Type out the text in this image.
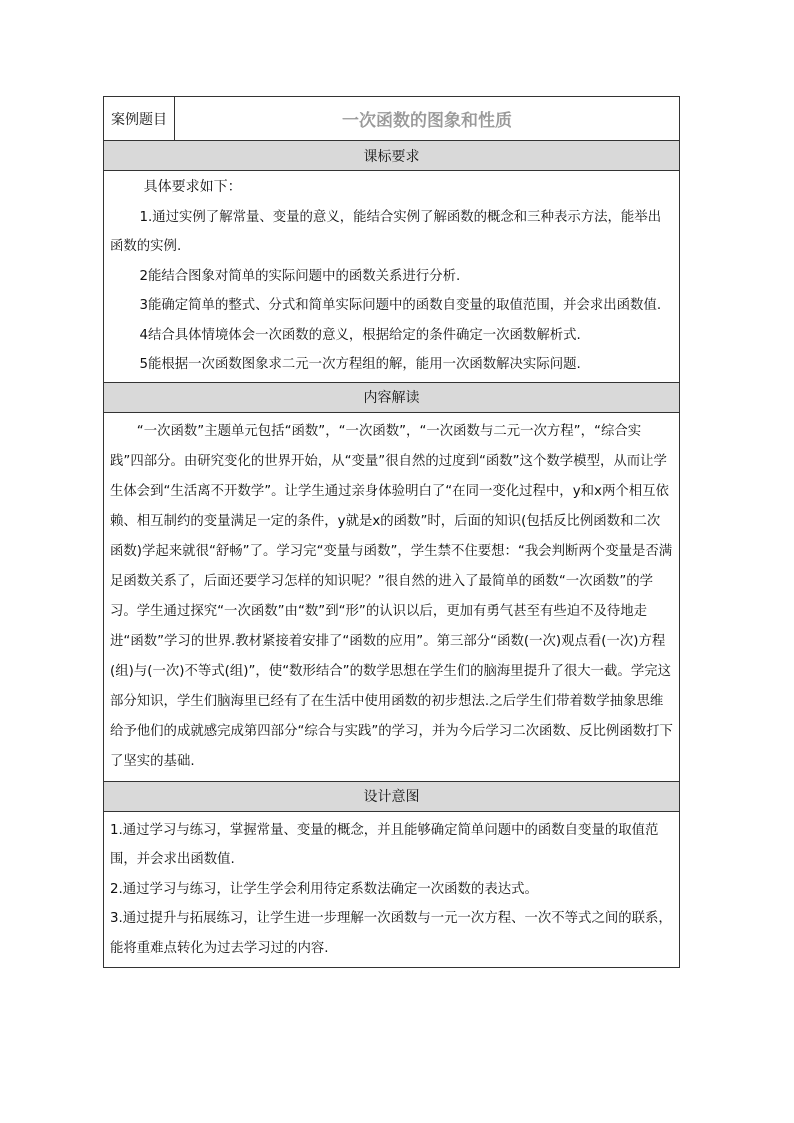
案例题目	一次函数的图象和性质
课标要求

具体要求如下：

1.通过实例了解常量、变量的意义，能结合实例了解函数的概念和三种表示方法，能举出函数的实例.

2能结合图象对简单的实际问题中的函数关系进行分析.

3能确定简单的整式、分式和简单实际问题中的函数自变量的取值范围，并会求出函数值.

4结合具体情境体会一次函数的意义，根据给定的条件确定一次函数解析式.

5能根据一次函数图象求二元一次方程组的解，能用一次函数解决实际问题.

内容解读

“一次函数”主题单元包括“函数”，“一次函数”，“一次函数与二元一次方程”，“综合实践”四部分。由研究变化的世界开始，从“变量”很自然的过度到“函数”这个数学模型，从而让学生体会到“生活离不开数学”。让学生通过亲身体验明白了“在同一变化过程中，y和x两个相互依赖、相互制约的变量满足一定的条件，y就是x的函数”时，后面的知识(包括反比例函数和二次函数)学起来就很“舒畅”了。学习完“变量与函数”，学生禁不住要想：“我会判断两个变量是否满足函数关系了，后面还要学习怎样的知识呢？”很自然的进入了最简单的函数“一次函数”的学习。学生通过探究“一次函数”由“数”到“形”的认识以后，更加有勇气甚至有些迫不及待地走进“函数”学习的世界.教材紧接着安排了“函数的应用”。第三部分“函数(一次)观点看(一次)方程(组)与(一次)不等式(组)”，使“数形结合”的数学思想在学生们的脑海里提升了很大一截。学完这部分知识，学生们脑海里已经有了在生活中使用函数的初步想法.之后学生们带着数学抽象思维给予他们的成就感完成第四部分“综合与实践”的学习，并为今后学习二次函数、反比例函数打下了坚实的基础.

设计意图

1.通过学习与练习，掌握常量、变量的概念，并且能够确定简单问题中的函数自变量的取值范围，并会求出函数值.

2.通过学习与练习，让学生学会利用待定系数法确定一次函数的表达式。

3.通过提升与拓展练习，让学生进一步理解一次函数与一元一次方程、一次不等式之间的联系，能将重难点转化为过去学习过的内容.
